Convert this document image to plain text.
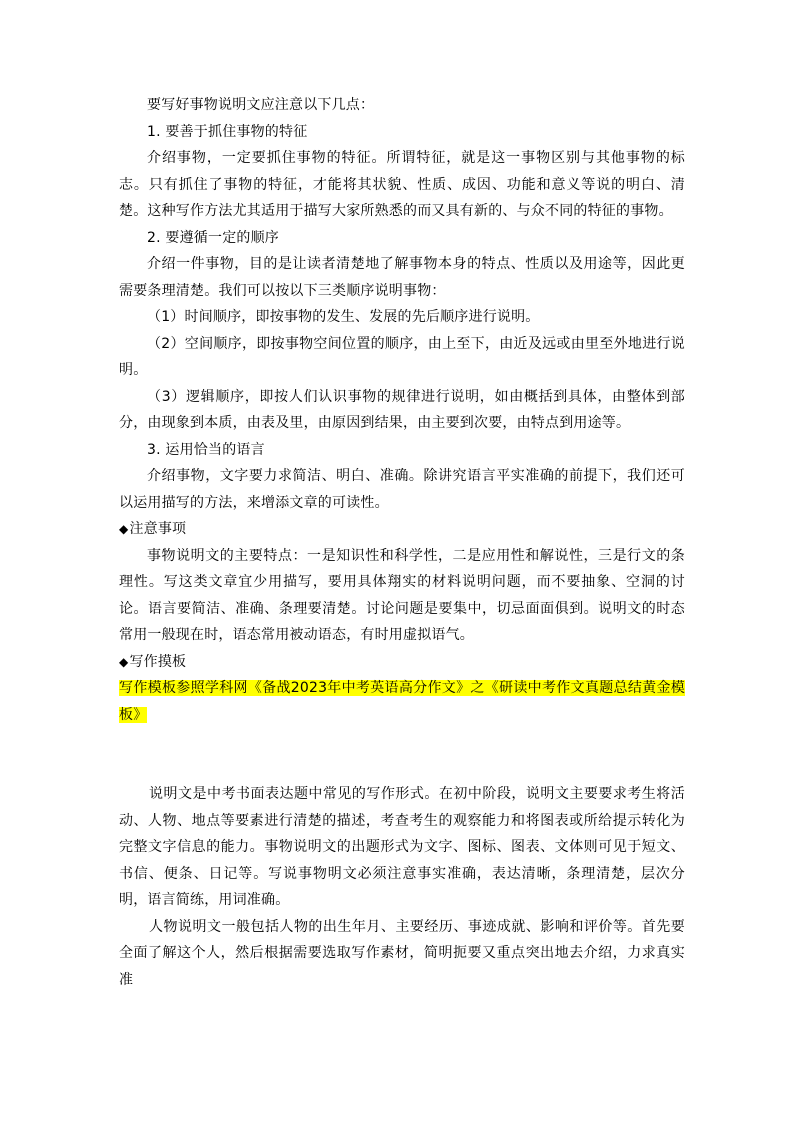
要写好事物说明文应注意以下几点：

1. 要善于抓住事物的特征

介绍事物，一定要抓住事物的特征。所谓特征，就是这一事物区别与其他事物的标志。只有抓住了事物的特征，才能将其状貌、性质、成因、功能和意义等说的明白、清楚。这种写作方法尤其适用于描写大家所熟悉的而又具有新的、与众不同的特征的事物。

2. 要遵循一定的顺序

介绍一件事物，目的是让读者清楚地了解事物本身的特点、性质以及用途等，因此更需要条理清楚。我们可以按以下三类顺序说明事物：

（1）时间顺序，即按事物的发生、发展的先后顺序进行说明。

（2）空间顺序，即按事物空间位置的顺序，由上至下，由近及远或由里至外地进行说明。

（3）逻辑顺序，即按人们认识事物的规律进行说明，如由概括到具体，由整体到部分，由现象到本质，由表及里，由原因到结果，由主要到次要，由特点到用途等。

3. 运用恰当的语言

介绍事物，文字要力求简洁、明白、准确。除讲究语言平实准确的前提下，我们还可以运用描写的方法，来增添文章的可读性。

◆注意事项

事物说明文的主要特点：一是知识性和科学性，二是应用性和解说性，三是行文的条理性。写这类文章宜少用描写，要用具体翔实的材料说明问题，而不要抽象、空洞的讨论。语言要简洁、准确、条理要清楚。讨论问题是要集中，切忌面面俱到。说明文的时态常用一般现在时，语态常用被动语态，有时用虚拟语气。

◆写作摸板

写作模板参照学科网《备战2023年中考英语高分作文》之《研读中考作文真题总结黄金模板》

说明文是中考书面表达题中常见的写作形式。在初中阶段，说明文主要要求考生将活动、人物、地点等要素进行清楚的描述，考查考生的观察能力和将图表或所给提示转化为完整文字信息的能力。事物说明文的出题形式为文字、图标、图表、文体则可见于短文、书信、便条、日记等。写说事物明文必须注意事实准确，表达清晰，条理清楚，层次分明，语言简练，用词准确。

人物说明文一般包括人物的出生年月、主要经历、事迹成就、影响和评价等。首先要全面了解这个人，然后根据需要选取写作素材，简明扼要又重点突出地去介绍，力求真实准
